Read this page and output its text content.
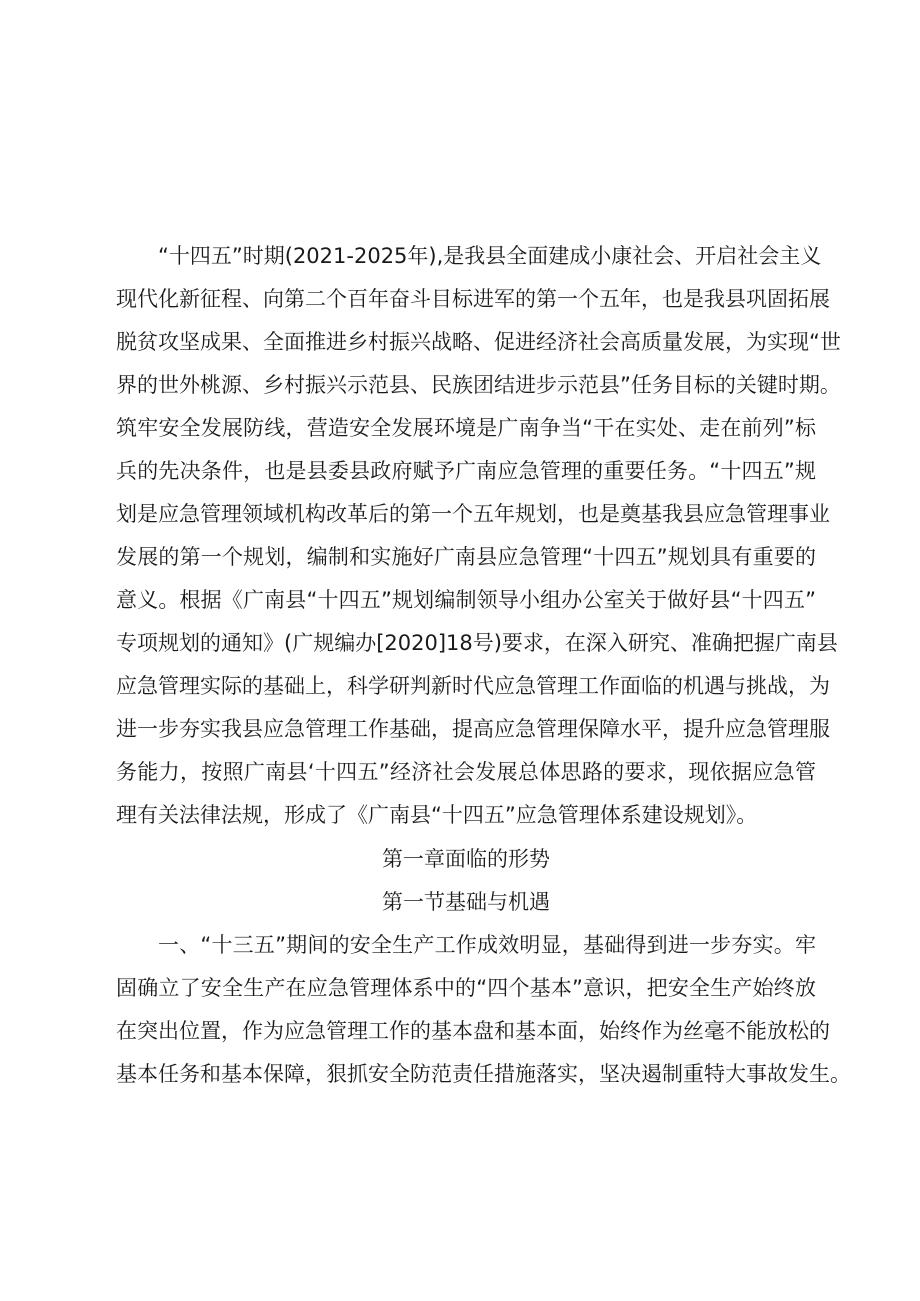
“十四五”时期(2021-2025年),是我县全面建成小康社会、开启社会主义
现代化新征程、向第二个百年奋斗目标进军的第一个五年，也是我县巩固拓展
脱贫攻坚成果、全面推进乡村振兴战略、促进经济社会高质量发展，为实现“世
界的世外桃源、乡村振兴示范县、民族团结进步示范县”任务目标的关键时期。
筑牢安全发展防线，营造安全发展环境是广南争当“干在实处、走在前列”标
兵的先决条件，也是县委县政府赋予广南应急管理的重要任务。“十四五”规
划是应急管理领域机构改革后的第一个五年规划，也是奠基我县应急管理事业
发展的第一个规划，编制和实施好广南县应急管理“十四五”规划具有重要的
意义。根据《广南县“十四五”规划编制领导小组办公室关于做好县“十四五”
专项规划的通知》(广规编办[2020]18号)要求，在深入研究、准确把握广南县
应急管理实际的基础上，科学研判新时代应急管理工作面临的机遇与挑战，为
进一步夯实我县应急管理工作基础，提高应急管理保障水平，提升应急管理服
务能力，按照广南县‘十四五”经济社会发展总体思路的要求，现依据应急管
理有关法律法规，形成了《广南县“十四五”应急管理体系建设规划》。
第一章面临的形势
第一节基础与机遇
一、“十三五”期间的安全生产工作成效明显，基础得到进一步夯实。牢
固确立了安全生产在应急管理体系中的“四个基本”意识，把安全生产始终放
在突出位置，作为应急管理工作的基本盘和基本面，始终作为丝毫不能放松的
基本任务和基本保障，狠抓安全防范责任措施落实，坚决遏制重特大事故发生。
